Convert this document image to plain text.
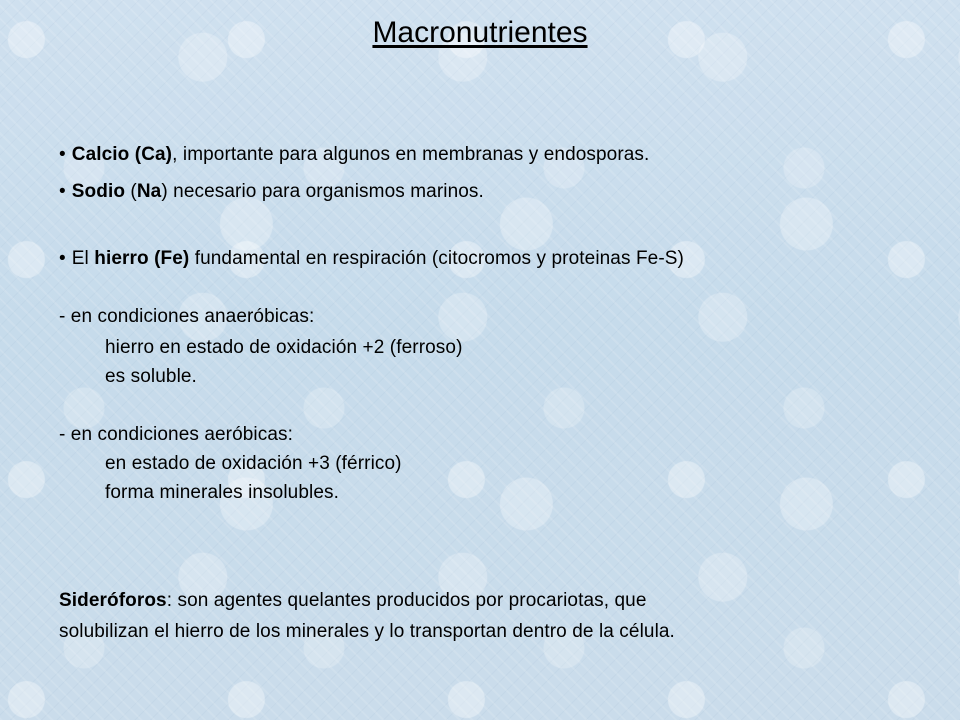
Macronutrientes
• Calcio (Ca), importante para algunos en membranas y endosporas.
• Sodio (Na) necesario para organismos marinos.
• El hierro (Fe) fundamental en respiración (citocromos y proteinas Fe-S)
- en condiciones anaeróbicas:
hierro en estado de oxidación +2 (ferroso)
es soluble.
- en condiciones aeróbicas:
en estado de oxidación +3 (férrico)
forma minerales insolubles.
Sideróforos: son agentes quelantes producidos por procariotas, que
solubilizan el hierro de los minerales y lo transportan dentro de la célula.
